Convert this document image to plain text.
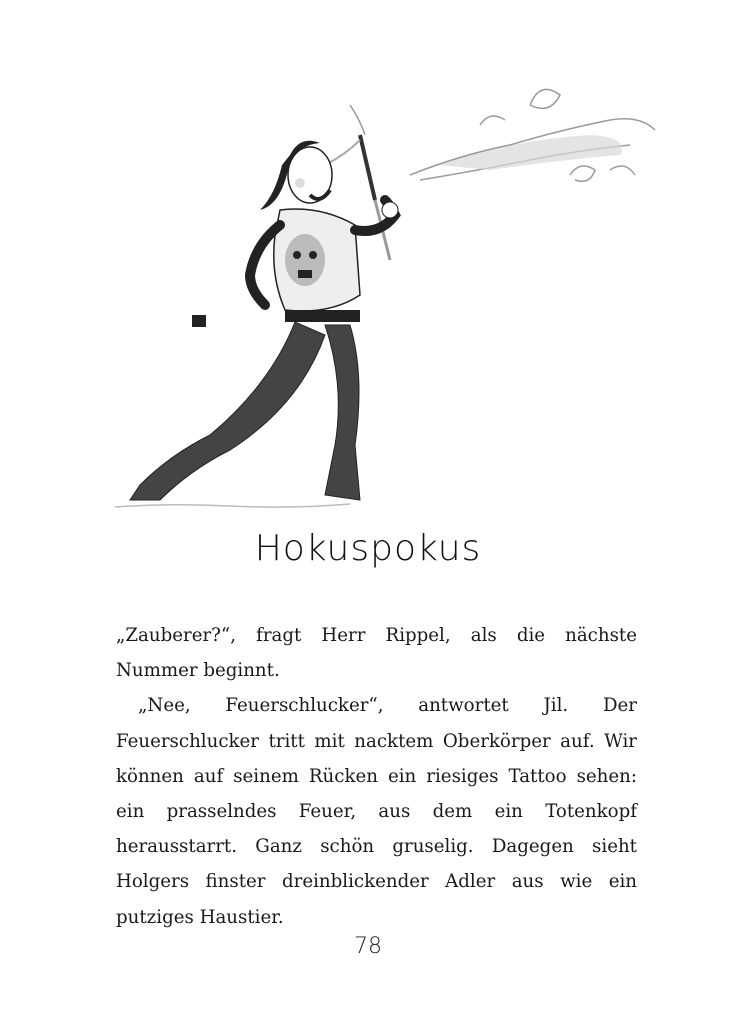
Hokuspokus

„Zauberer?“, fragt Herr Rippel, als die nächste Nummer beginnt.

„Nee, Feuerschlucker“, antwortet Jil. Der Feuerschlucker tritt mit nacktem Oberkörper auf. Wir können auf seinem Rücken ein riesiges Tattoo sehen: ein prasselndes Feuer, aus dem ein Totenkopf herausstarrt. Ganz schön gruselig. Dagegen sieht Holgers finster dreinblickender Adler aus wie ein putziges Haustier.

78
